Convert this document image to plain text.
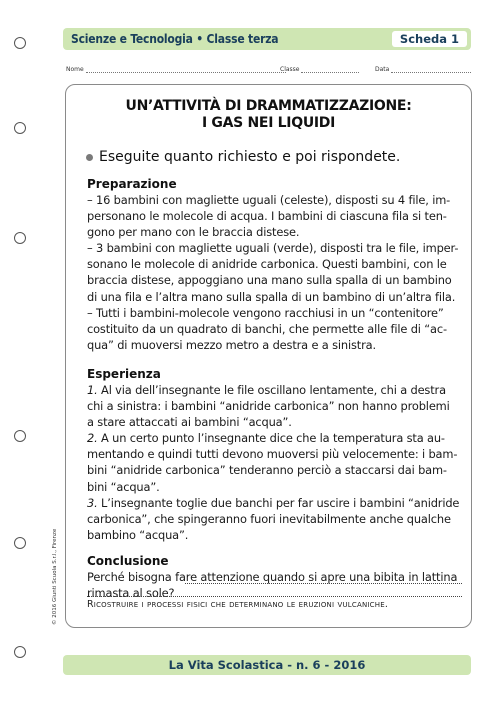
Scienze e Tecnologia • Classe terza	Scheda 1
Nome	Classe	Data
UN’ATTIVITÀ DI DRAMMATIZZAZIONE:
I GAS NEI LIQUIDI
Eseguite quanto richiesto e poi rispondete.
Preparazione
– 16 bambini con magliette uguali (celeste), disposti su 4 file, im-
personano le molecole di acqua. I bambini di ciascuna fila si ten-
gono per mano con le braccia distese.
– 3 bambini con magliette uguali (verde), disposti tra le file, imper-
sonano le molecole di anidride carbonica. Questi bambini, con le
braccia distese, appoggiano una mano sulla spalla di un bambino
di una fila e l’altra mano sulla spalla di un bambino di un’altra fila.
– Tutti i bambini-molecole vengono racchiusi in un “contenitore”
costituito da un quadrato di banchi, che permette alle file di “ac-
qua” di muoversi mezzo metro a destra e a sinistra.
Esperienza
1. Al via dell’insegnante le file oscillano lentamente, chi a destra
chi a sinistra: i bambini “anidride carbonica” non hanno problemi
a stare attaccati ai bambini “acqua”.
2. A un certo punto l’insegnante dice che la temperatura sta au-
mentando e quindi tutti devono muoversi più velocemente: i bam-
bini “anidride carbonica” tenderanno perciò a staccarsi dai bam-
bini “acqua”.
3. L’insegnante toglie due banchi per far uscire i bambini “anidride
carbonica”, che spingeranno fuori inevitabilmente anche qualche
bambino “acqua”.
Conclusione
Perché bisogna fare attenzione quando si apre una bibita in lattina
rimasta al sole?
Ricostruire i processi fisici che determinano le eruzioni vulcaniche.
© 2016 Giunti Scuola S.r.l., Firenze
La Vita Scolastica - n. 6 - 2016
